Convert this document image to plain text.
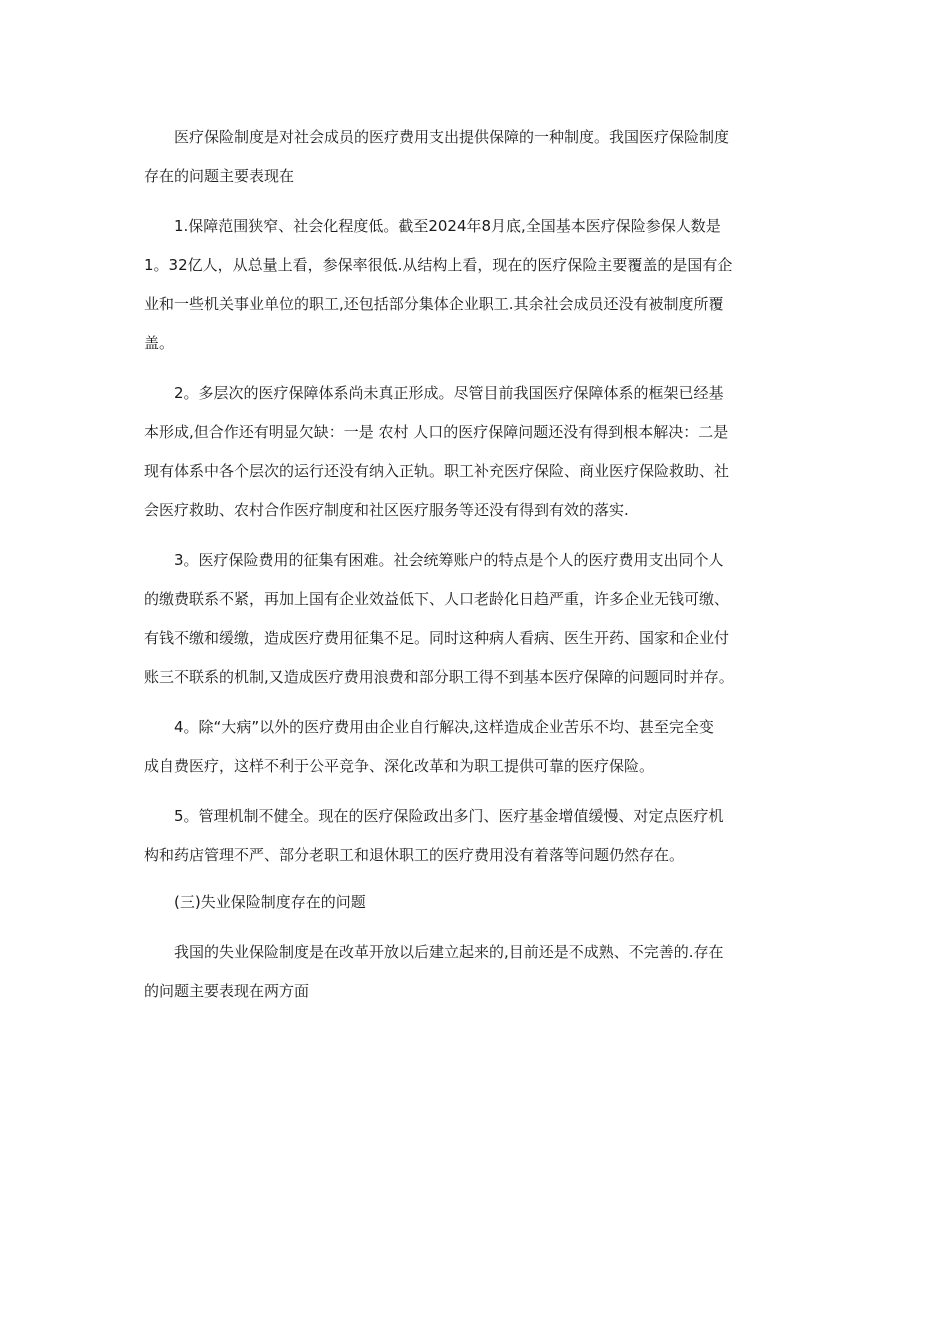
医疗保险制度是对社会成员的医疗费用支出提供保障的一种制度。我国医疗保险制度
存在的问题主要表现在

1.保障范围狭窄、社会化程度低。截至2024年8月底,全国基本医疗保险参保人数是
1。32亿人，从总量上看，参保率很低.从结构上看，现在的医疗保险主要覆盖的是国有企
业和一些机关事业单位的职工,还包括部分集体企业职工.其余社会成员还没有被制度所覆
盖。

2。多层次的医疗保障体系尚未真正形成。尽管目前我国医疗保障体系的框架已经基
本形成,但合作还有明显欠缺：一是 农村 人口的医疗保障问题还没有得到根本解决：二是
现有体系中各个层次的运行还没有纳入正轨。职工补充医疗保险、商业医疗保险救助、社
会医疗救助、农村合作医疗制度和社区医疗服务等还没有得到有效的落实.

3。医疗保险费用的征集有困难。社会统筹账户的特点是个人的医疗费用支出同个人
的缴费联系不紧，再加上国有企业效益低下、人口老龄化日趋严重，许多企业无钱可缴、
有钱不缴和缓缴，造成医疗费用征集不足。同时这种病人看病、医生开药、国家和企业付
账三不联系的机制,又造成医疗费用浪费和部分职工得不到基本医疗保障的问题同时并存。

4。除“大病”以外的医疗费用由企业自行解决,这样造成企业苦乐不均、甚至完全变
成自费医疗，这样不利于公平竞争、深化改革和为职工提供可靠的医疗保险。

5。管理机制不健全。现在的医疗保险政出多门、医疗基金增值缓慢、对定点医疗机
构和药店管理不严、部分老职工和退休职工的医疗费用没有着落等问题仍然存在。

(三)失业保险制度存在的问题

我国的失业保险制度是在改革开放以后建立起来的,目前还是不成熟、不完善的.存在
的问题主要表现在两方面
